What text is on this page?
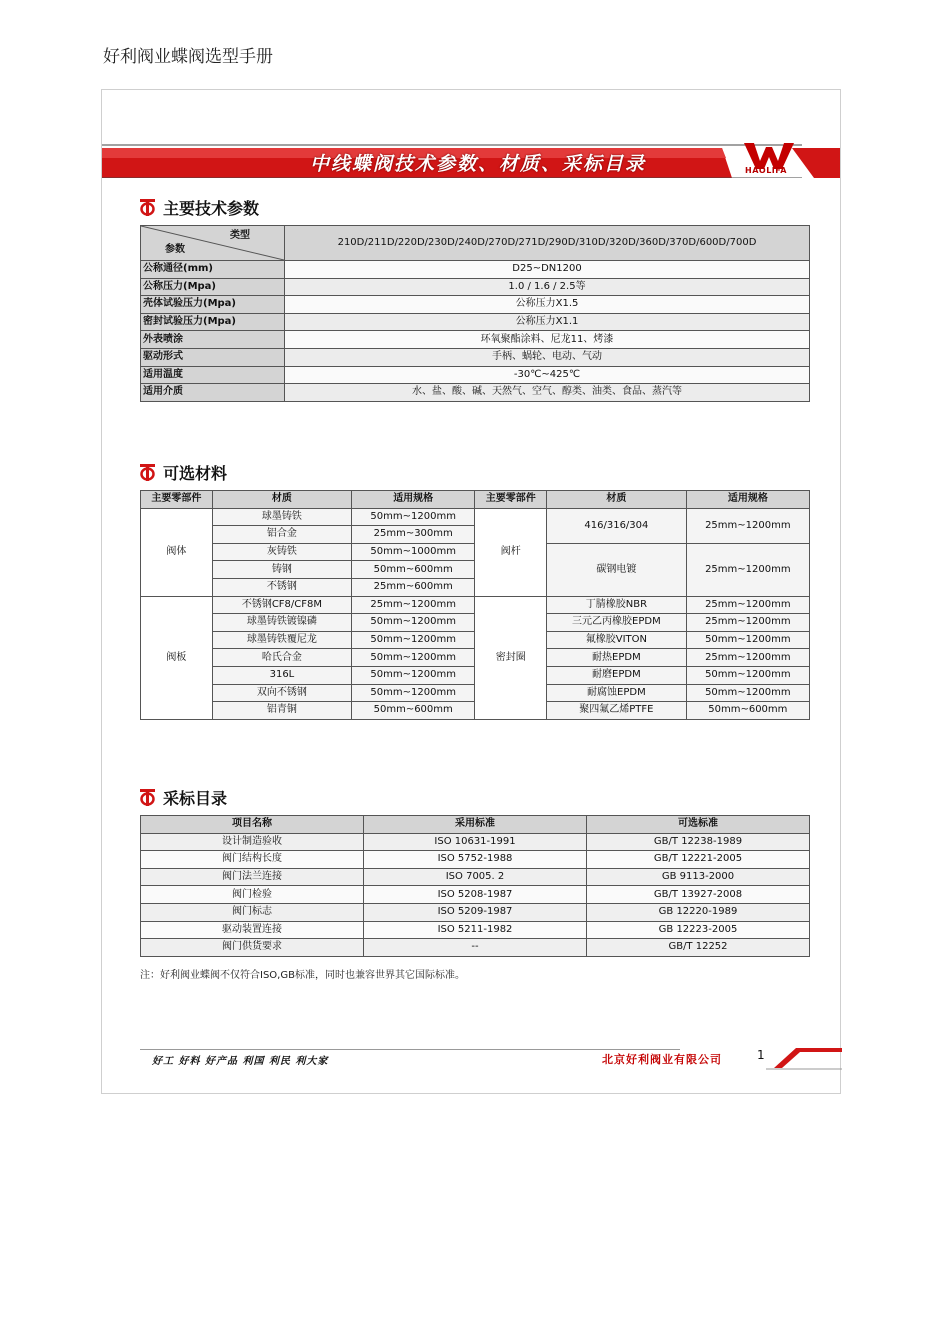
好利阀业蝶阀选型手册
中线蝶阀技术参数、材质、采标目录	HAOLIFA
主要技术参数
类型
参数	210D/211D/220D/230D/240D/270D/271D/290D/310D/320D/360D/370D/600D/700D
公称通径(mm)	D25~DN1200
公称压力(Mpa)	1.0 / 1.6 / 2.5等
壳体试验压力(Mpa)	公称压力X1.5
密封试验压力(Mpa)	公称压力X1.1
外表喷涂	环氧聚酯涂料、尼龙11、烤漆
驱动形式	手柄、蜗轮、电动、气动
适用温度	-30℃~425℃
适用介质	水、盐、酸、碱、天然气、空气、醇类、油类、食品、蒸汽等
可选材料
主要零部件	材质	适用规格	主要零部件	材质	适用规格
阀体	球墨铸铁	50mm~1200mm	阀杆	416/316/304	25mm~1200mm
	铝合金	25mm~300mm			
	灰铸铁	50mm~1000mm		碳钢电镀	25mm~1200mm
	铸钢	50mm~600mm			
	不锈钢	25mm~600mm			
阀板	不锈钢CF8/CF8M	25mm~1200mm	密封圈	丁腈橡胶NBR	25mm~1200mm
	球墨铸铁镀镍磷	50mm~1200mm		三元乙丙橡胶EPDM	25mm~1200mm
	球墨铸铁覆尼龙	50mm~1200mm		氟橡胶VITON	50mm~1200mm
	哈氏合金	50mm~1200mm		耐热EPDM	25mm~1200mm
	316L	50mm~1200mm		耐磨EPDM	50mm~1200mm
	双向不锈钢	50mm~1200mm		耐腐蚀EPDM	50mm~1200mm
	铝青铜	50mm~600mm		聚四氟乙烯PTFE	50mm~600mm
采标目录
项目名称	采用标准	可选标准
设计制造验收	ISO 10631-1991	GB/T 12238-1989
阀门结构长度	ISO 5752-1988	GB/T 12221-2005
阀门法兰连接	ISO 7005. 2	GB 9113-2000
阀门检验	ISO 5208-1987	GB/T 13927-2008
阀门标志	ISO 5209-1987	GB 12220-1989
驱动装置连接	ISO 5211-1982	GB 12223-2005
阀门供货要求	--	GB/T 12252
注：好利阀业蝶阀不仅符合ISO,GB标准，同时也兼容世界其它国际标准。
好工 好料 好产品 利国 利民 利大家	北京好利阀业有限公司	1
